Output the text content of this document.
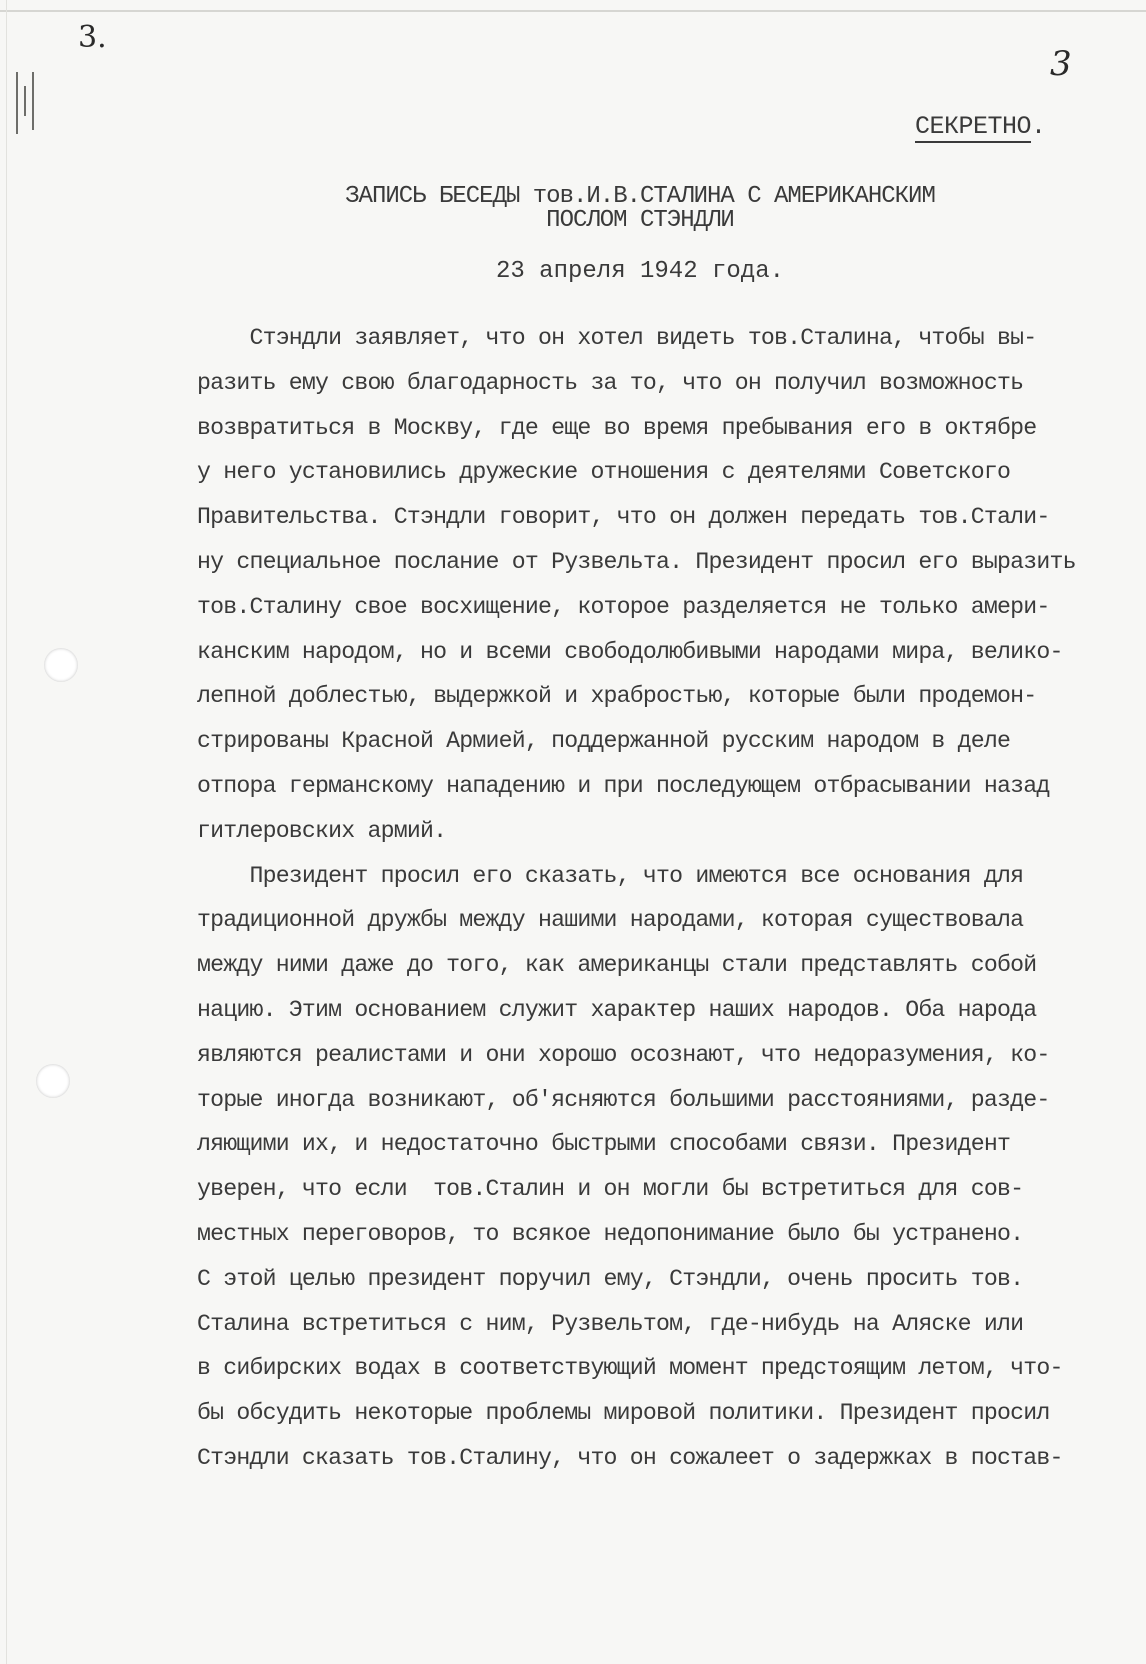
3.
3
СЕКРЕТНО.
ЗАПИСЬ БЕСЕДЫ тов.И.В.СТАЛИНА С АМЕРИКАНСКИМ
ПОСЛОМ СТЭНДЛИ
23 апреля 1942 года.
Стэндли заявляет, что он хотел видеть тов.Сталина, чтобы вы-
разить ему свою благодарность за то, что он получил возможность
возвратиться в Москву, где еще во время пребывания его в октябре
у него установились дружеские отношения с деятелями Советского
Правительства. Стэндли говорит, что он должен передать тов.Стали-
ну специальное послание от Рузвельта. Президент просил его выразить
тов.Сталину свое восхищение, которое разделяется не только амери-
канским народом, но и всеми свободолюбивыми народами мира, велико-
лепной доблестью, выдержкой и храбростью, которые были продемон-
стрированы Красной Армией, поддержанной русским народом в деле
отпора германскому нападению и при последующем отбрасывании назад
гитлеровских армий.
Президент просил его сказать, что имеются все основания для
традиционной дружбы между нашими народами, которая существовала
между ними даже до того, как американцы стали представлять собой
нацию. Этим основанием служит характер наших народов. Оба народа
являются реалистами и они хорошо осознают, что недоразумения, ко-
торые иногда возникают, об'ясняются большими расстояниями, разде-
ляющими их, и недостаточно быстрыми способами связи. Президент
уверен, что если  тов.Сталин и он могли бы встретиться для сов-
местных переговоров, то всякое недопонимание было бы устранено.
С этой целью президент поручил ему, Стэндли, очень просить тов.
Сталина встретиться с ним, Рузвельтом, где-нибудь на Аляске или
в сибирских водах в соответствующий момент предстоящим летом, что-
бы обсудить некоторые проблемы мировой политики. Президент просил
Стэндли сказать тов.Сталину, что он сожалеет о задержках в постав-
